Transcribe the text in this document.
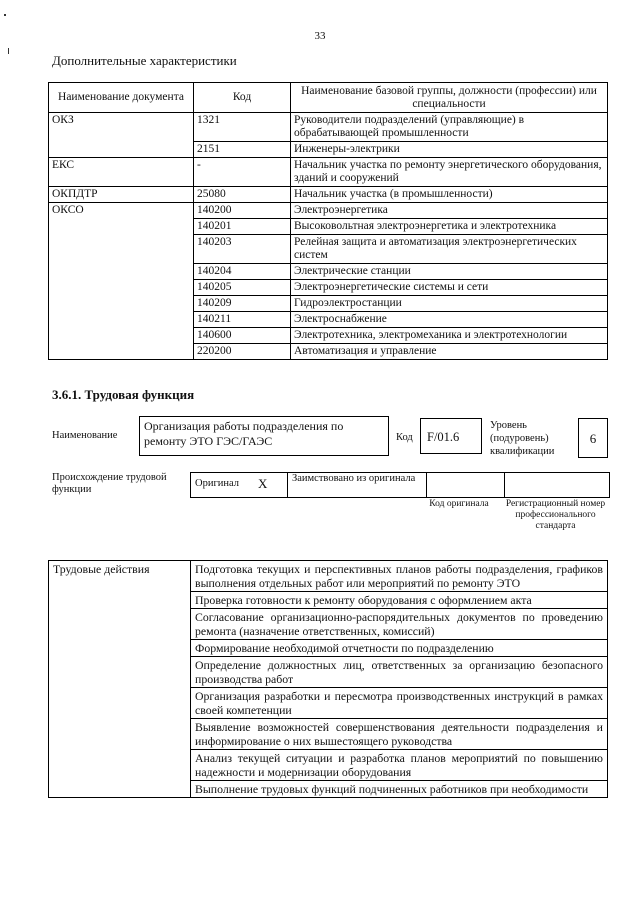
33
Дополнительные характеристики
Наименование документа	Код	Наименование базовой группы, должности (профессии) или специальности
ОКЗ	1321	Руководители подразделений (управляющие) в обрабатывающей промышленности
	2151	Инженеры-электрики
ЕКС	-	Начальник участка по ремонту энергетического оборудования, зданий и сооружений
ОКПДТР	25080	Начальник участка (в промышленности)
ОКСО	140200	Электроэнергетика
	140201	Высоковольтная электроэнергетика и электротехника
	140203	Релейная защита и автоматизация электроэнергетических систем
	140204	Электрические станции
	140205	Электроэнергетические системы и сети
	140209	Гидроэлектростанции
	140211	Электроснабжение
	140600	Электротехника, электромеханика и электротехнологии
	220200	Автоматизация и управление
3.6.1. Трудовая функция
Наименование
Организация работы подразделения по ремонту ЭТО ГЭС/ГАЭС	Код	F/01.6
Уровень (подуровень) квалификации
6
Происхождение трудовой функции
Оригинал X Заимствовано из оригинала
Код оригинала Регистрационный номер профессионального стандарта
Трудовые действия	Подготовка текущих и перспективных планов работы подразделения, графиков выполнения отдельных работ или мероприятий по ремонту ЭТО
Проверка готовности к ремонту оборудования с оформлением акта
Согласование организационно-распорядительных документов по проведению ремонта (назначение ответственных, комиссий)
Формирование необходимой отчетности по подразделению
Определение должностных лиц, ответственных за организацию безопасного производства работ
Организация разработки и пересмотра производственных инструкций в рамках своей компетенции
Выявление возможностей совершенствования деятельности подразделения и информирование о них вышестоящего руководства
Анализ текущей ситуации и разработка планов мероприятий по повышению надежности и модернизации оборудования
Выполнение трудовых функций подчиненных работников при необходимости
